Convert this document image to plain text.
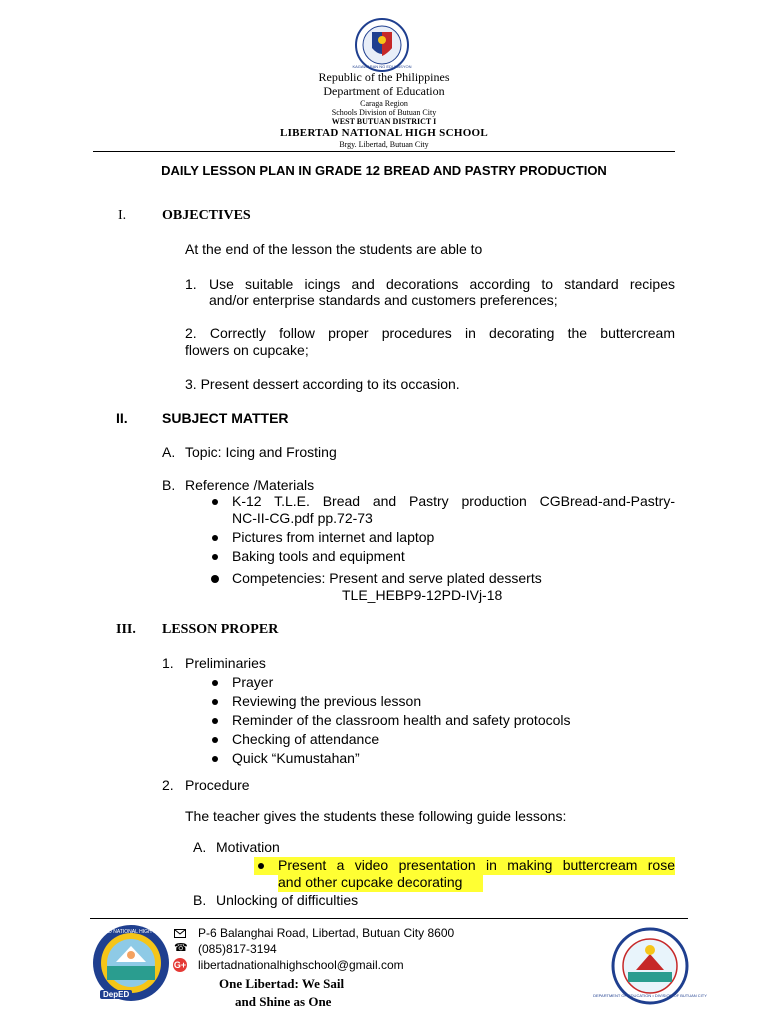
KAGAWARAN NG EDUKASYON
Republic of the Philippines
Department of Education
Caraga Region
Schools Division of Butuan City
WEST BUTUAN DISTRICT I
LIBERTAD NATIONAL HIGH SCHOOL
Brgy. Libertad, Butuan City
DAILY LESSON PLAN IN GRADE 12 BREAD AND PASTRY PRODUCTION
I.	OBJECTIVES
At the end of the lesson the students are able to
1. Use suitable icings and decorations according to standard recipes
and/or enterprise standards and customers preferences;
2. Correctly follow proper procedures in decorating the buttercream
flowers on cupcake;
3. Present dessert according to its occasion.
II. SUBJECT MATTER
A. Topic: Icing and Frosting
B. Reference /Materials
K-12 T.L.E. Bread and Pastry production CGBread-and-Pastry-
NC-II-CG.pdf pp.72-73
Pictures from internet and laptop
Baking tools and equipment
Competencies: Present and serve plated desserts
TLE_HEBP9-12PD-IVj-18
III. LESSON PROPER
1. Preliminaries
Prayer
Reviewing the previous lesson
Reminder of the classroom health and safety protocols
Checking of attendance
Quick “Kumustahan”
2. Procedure
The teacher gives the students these following guide lessons:
A. Motivation
Present a video presentation in making buttercream rose
and other cupcake decorating
B. Unlocking of difficulties
LIBERTAD NATIONAL HIGH SCHOOL
DepED
P-6 Balanghai Road, Libertad, Butuan City 8600
☎ (085)817-3194
G+ libertadnationalhighschool@gmail.com
One Libertad: We Sail
and Shine as One	DEPARTMENT OF EDUCATION • DIVISION OF BUTUAN CITY
